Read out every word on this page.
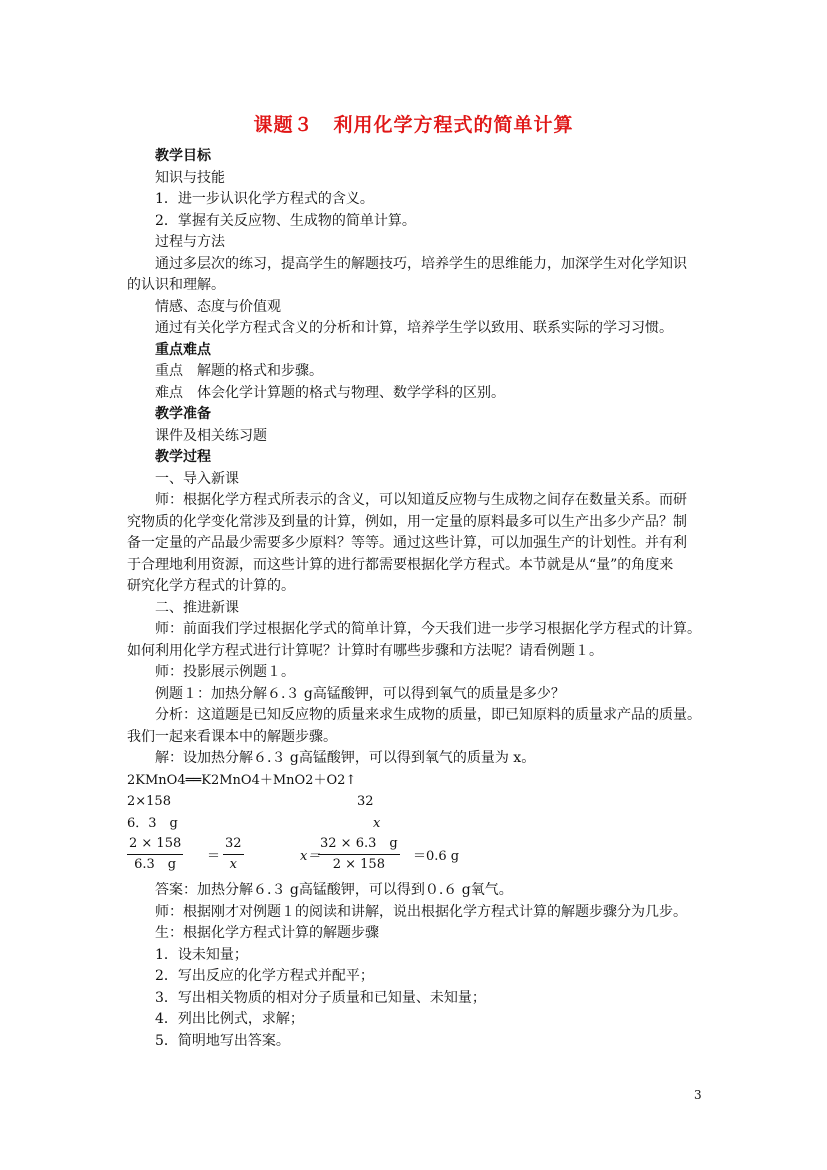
课题３　利用化学方程式的简单计算
教学目标
知识与技能
1．进一步认识化学方程式的含义。
2．掌握有关反应物、生成物的简单计算。
过程与方法
通过多层次的练习，提高学生的解题技巧，培养学生的思维能力，加深学生对化学知识
的认识和理解。
情感、态度与价值观
通过有关化学方程式含义的分析和计算，培养学生学以致用、联系实际的学习习惯。
重点难点
重点　解题的格式和步骤。
难点　体会化学计算题的格式与物理、数学学科的区别。
教学准备
课件及相关练习题
教学过程
一、导入新课
师：根据化学方程式所表示的含义，可以知道反应物与生成物之间存在数量关系。而研
究物质的化学变化常涉及到量的计算，例如，用一定量的原料最多可以生产出多少产品？制
备一定量的产品最少需要多少原料？等等。通过这些计算，可以加强生产的计划性。并有利
于合理地利用资源，而这些计算的进行都需要根据化学方程式。本节就是从“量”的角度来
研究化学方程式的计算的。
二、推进新课
师：前面我们学过根据化学式的简单计算，今天我们进一步学习根据化学方程式的计算。
如何利用化学方程式进行计算呢？计算时有哪些步骤和方法呢？请看例题１。
师：投影展示例题１。
例题１：加热分解６.３ g高锰酸钾，可以得到氧气的质量是多少？
分析：这道题是已知反应物的质量来求生成物的质量，即已知原料的质量求产品的质量。
我们一起来看课本中的解题步骤。
解：设加热分解６.３ g高锰酸钾，可以得到氧气的质量为 x。
2KMnO4══K2MnO4＋MnO2＋O2↑
2×158	32
6．3　g	x
$\frac{2 \times 158}{6.3 g} = \frac{32}{x}$	x＝
$\frac{32 \times 6.3 g}{2 \times 158} =0.6$ g
答案：加热分解６.３ g高锰酸钾，可以得到０.６ g氧气。
师：根据刚才对例题１的阅读和讲解，说出根据化学方程式计算的解题步骤分为几步。
生：根据化学方程式计算的解题步骤
1．设未知量；
2．写出反应的化学方程式并配平；
3．写出相关物质的相对分子质量和已知量、未知量；
4．列出比例式，求解；
5．简明地写出答案。
3
